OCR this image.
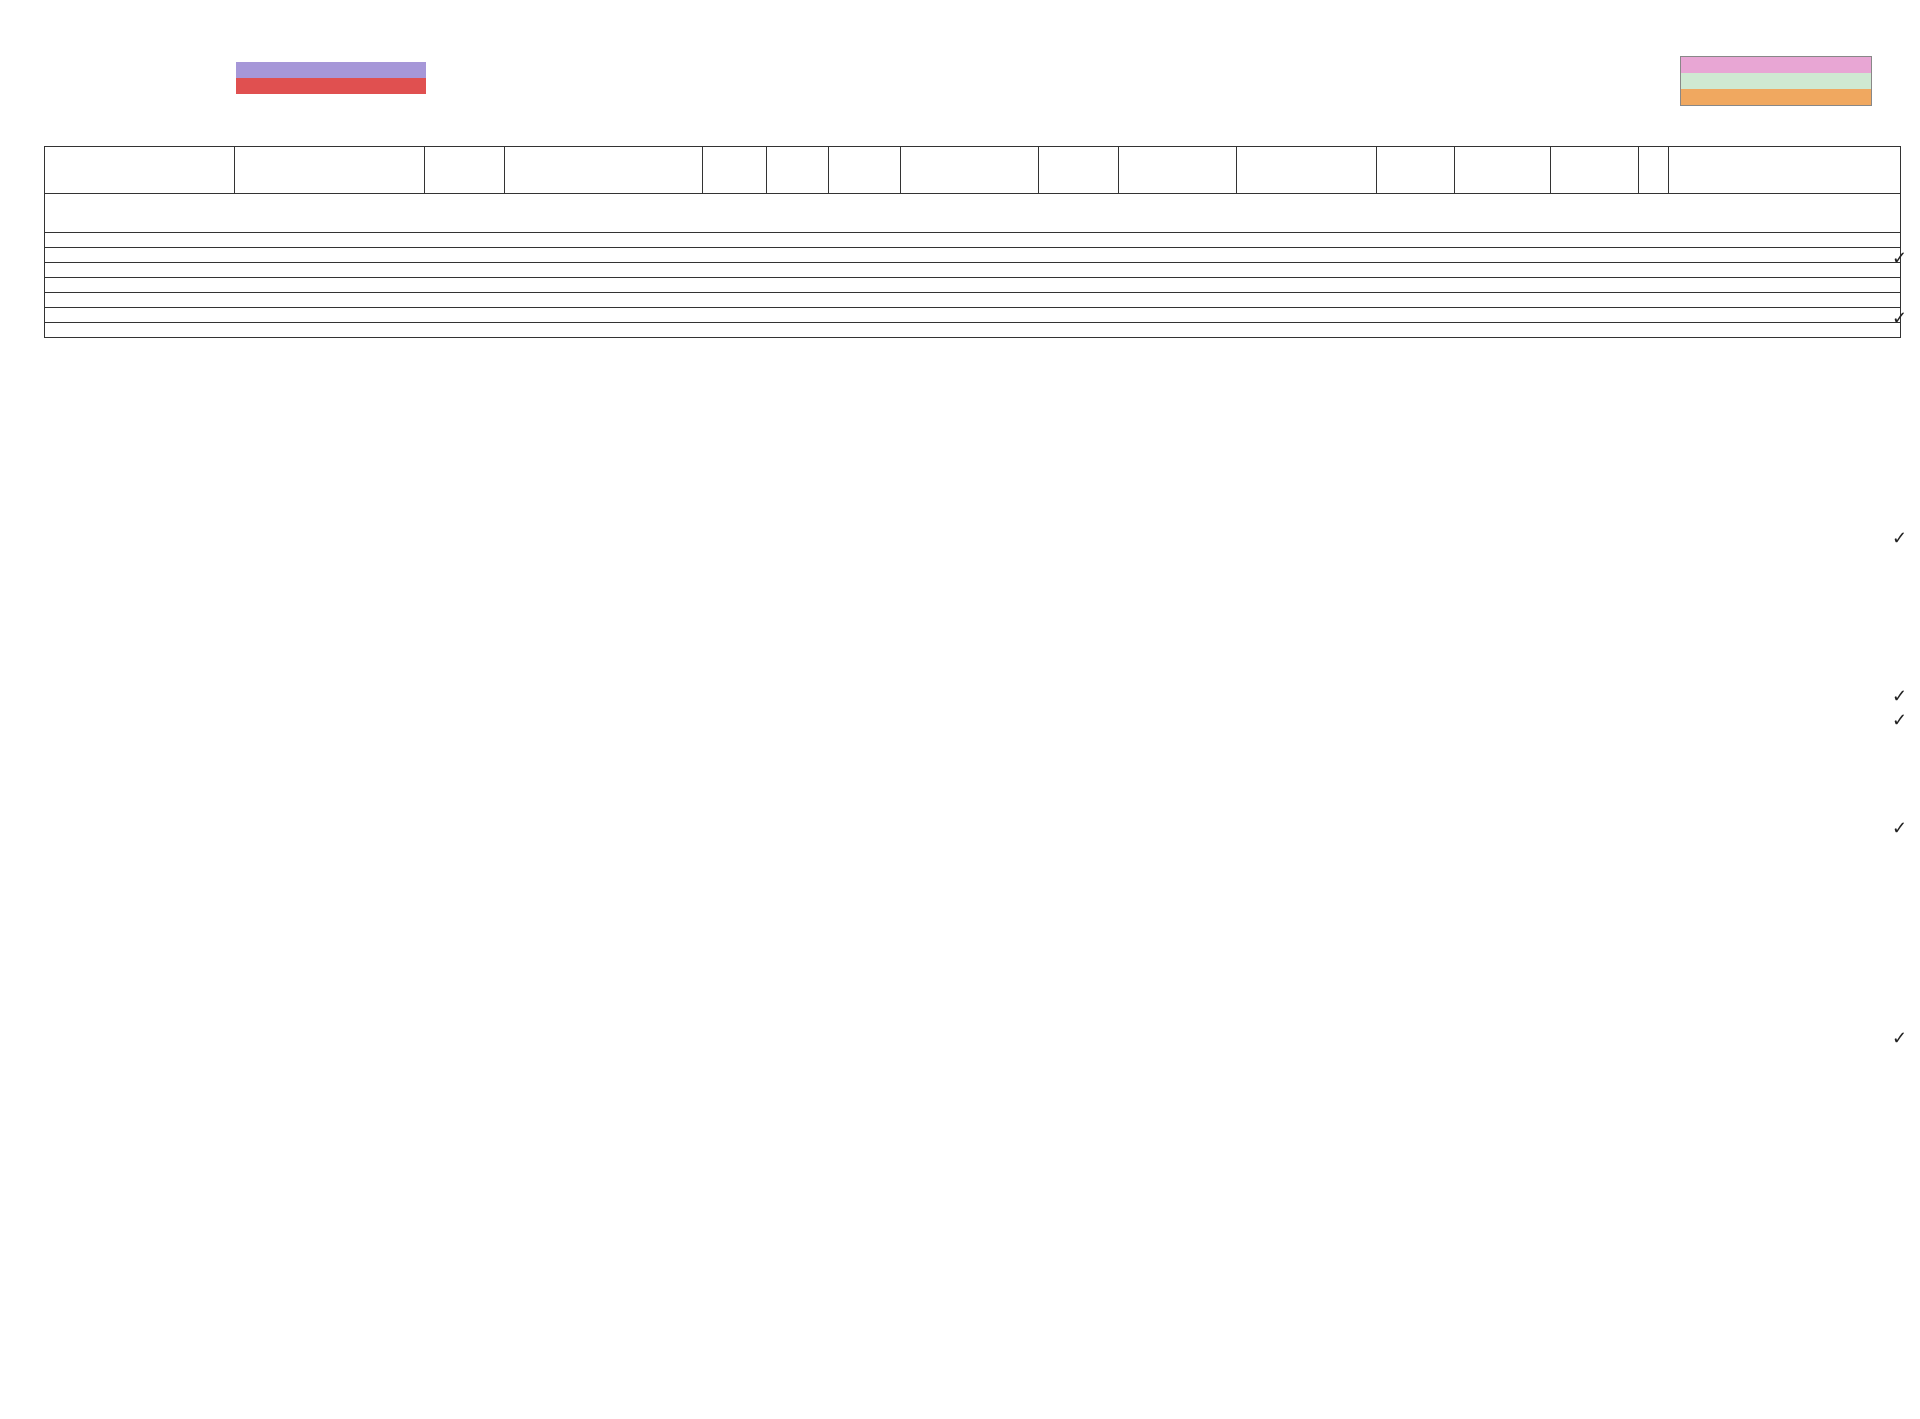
✓
✓
✓
✓
✓
✓
✓
